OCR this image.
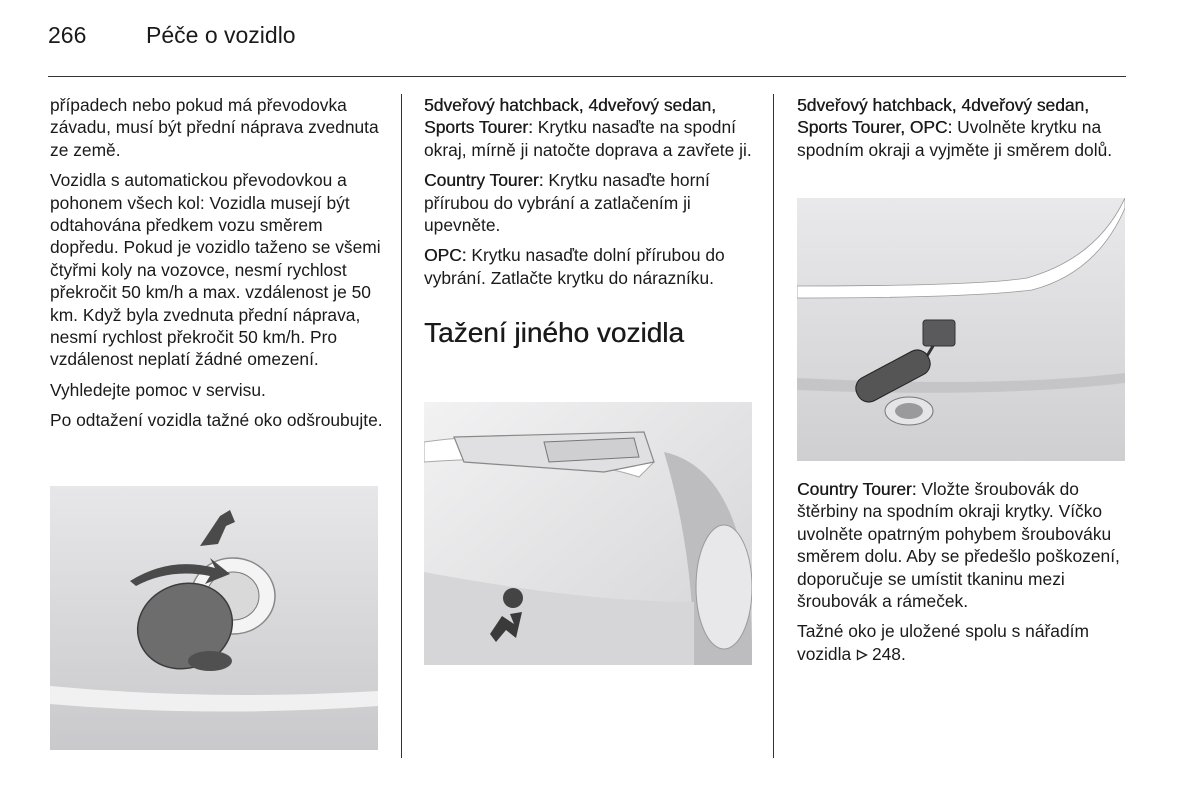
266	Péče o vozidlo

případech nebo pokud má převodovka závadu, musí být přední náprava zvednuta ze země.

Vozidla s automatickou převodovkou a pohonem všech kol: Vozidla musejí být odtahována předkem vozu směrem dopředu. Pokud je vozidlo taženo se všemi čtyřmi koly na vozovce, nesmí rychlost překročit 50 km/h a max. vzdálenost je 50 km. Když byla zvednuta přední náprava, nesmí rychlost překročit 50 km/h. Pro vzdálenost neplatí žádné omezení.

Vyhledejte pomoc v servisu.

Po odtažení vozidla tažné oko odšroubujte.

5dveřový hatchback, 4dveřový sedan, Sports Tourer: Krytku nasaďte na spodní okraj, mírně ji natočte doprava a zavřete ji.

Country Tourer: Krytku nasaďte horní přírubou do vybrání a zatlačením ji upevněte.

OPC: Krytku nasaďte dolní přírubou do vybrání. Zatlačte krytku do nárazníku.

Tažení jiného vozidla

5dveřový hatchback, 4dveřový sedan, Sports Tourer, OPC: Uvolněte krytku na spodním okraji a vyjměte ji směrem dolů.

Country Tourer: Vložte šroubovák do štěrbiny na spodním okraji krytky. Víčko uvolněte opatrným pohybem šroubováku směrem dolu. Aby se předešlo poškození, doporučuje se umístit tkaninu mezi šroubovák a rámeček.

Tažné oko je uložené spolu s nářadím vozidla 248.
